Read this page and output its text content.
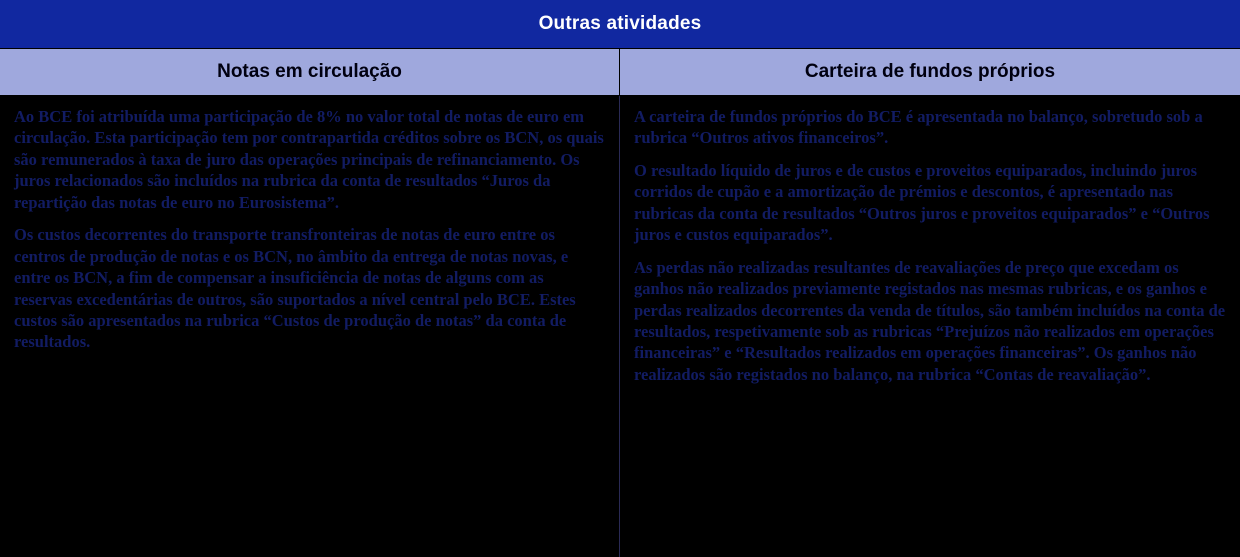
Outras atividades
Notas em circulação	Carteira de fundos próprios

Ao BCE foi atribuída uma participação de 8% no valor total de notas de euro em circulação. Esta participação tem por contrapartida créditos sobre os BCN, os quais são remunerados à taxa de juro das operações principais de refinanciamento. Os juros relacionados são incluídos na rubrica da conta de resultados “Juros da repartição das notas de euro no Eurosistema”.

Os custos decorrentes do transporte transfronteiras de notas de euro entre os centros de produção de notas e os BCN, no âmbito da entrega de notas novas, e entre os BCN, a fim de compensar a insuficiência de notas de alguns com as reservas excedentárias de outros, são suportados a nível central pelo BCE. Estes custos são apresentados na rubrica “Custos de produção de notas” da conta de resultados.

A carteira de fundos próprios do BCE é apresentada no balanço, sobretudo sob a rubrica “Outros ativos financeiros”.

O resultado líquido de juros e de custos e proveitos equiparados, incluindo juros corridos de cupão e a amortização de prémios e descontos, é apresentado nas rubricas da conta de resultados “Outros juros e proveitos equiparados” e “Outros juros e custos equiparados”.

As perdas não realizadas resultantes de reavaliações de preço que excedam os ganhos não realizados previamente registados nas mesmas rubricas, e os ganhos e perdas realizados decorrentes da venda de títulos, são também incluídos na conta de resultados, respetivamente sob as rubricas “Prejuízos não realizados em operações financeiras” e “Resultados realizados em operações financeiras”. Os ganhos não realizados são registados no balanço, na rubrica “Contas de reavaliação”.
